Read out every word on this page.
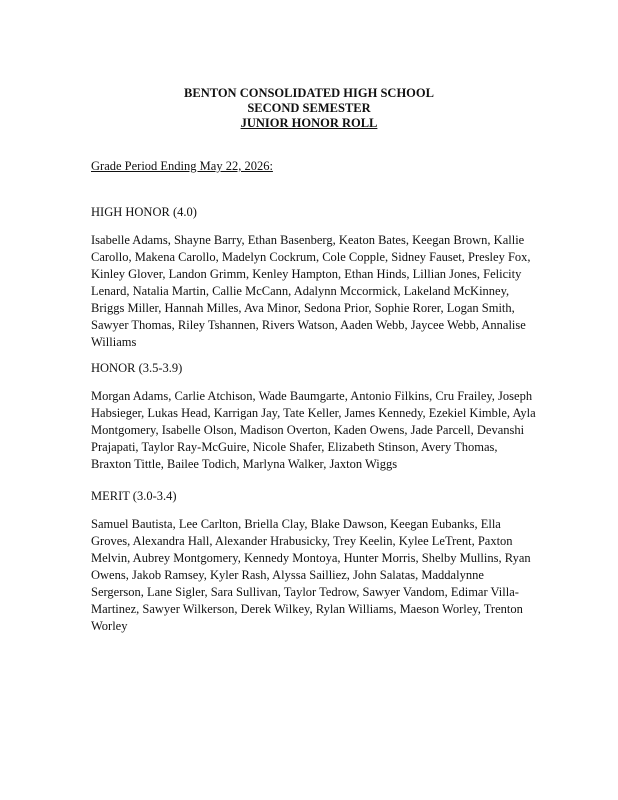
BENTON CONSOLIDATED HIGH SCHOOL
SECOND SEMESTER
JUNIOR HONOR ROLL
Grade Period Ending May 22, 2026:
HIGH HONOR (4.0)
Isabelle Adams, Shayne Barry, Ethan Basenberg, Keaton Bates, Keegan Brown, Kallie Carollo, Makena Carollo, Madelyn Cockrum, Cole Copple, Sidney Fauset, Presley Fox, Kinley Glover, Landon Grimm, Kenley Hampton, Ethan Hinds, Lillian Jones, Felicity Lenard, Natalia Martin, Callie McCann, Adalynn Mccormick, Lakeland McKinney, Briggs Miller, Hannah Milles, Ava Minor, Sedona Prior, Sophie Rorer, Logan Smith, Sawyer Thomas, Riley Tshannen, Rivers Watson, Aaden Webb, Jaycee Webb, Annalise Williams
HONOR (3.5-3.9)
Morgan Adams, Carlie Atchison, Wade Baumgarte, Antonio Filkins, Cru Frailey, Joseph Habsieger, Lukas Head, Karrigan Jay, Tate Keller, James Kennedy, Ezekiel Kimble, Ayla Montgomery, Isabelle Olson, Madison Overton, Kaden Owens, Jade Parcell, Devanshi Prajapati, Taylor Ray-McGuire, Nicole Shafer, Elizabeth Stinson, Avery Thomas, Braxton Tittle, Bailee Todich, Marlyna Walker, Jaxton Wiggs
MERIT (3.0-3.4)
Samuel Bautista, Lee Carlton, Briella Clay, Blake Dawson, Keegan Eubanks, Ella Groves, Alexandra Hall, Alexander Hrabusicky, Trey Keelin, Kylee LeTrent, Paxton Melvin, Aubrey Montgomery, Kennedy Montoya, Hunter Morris, Shelby Mullins, Ryan Owens, Jakob Ramsey, Kyler Rash, Alyssa Sailliez, John Salatas, Maddalynne Sergerson, Lane Sigler, Sara Sullivan, Taylor Tedrow, Sawyer Vandom, Edimar Villa-Martinez, Sawyer Wilkerson, Derek Wilkey, Rylan Williams, Maeson Worley, Trenton Worley
